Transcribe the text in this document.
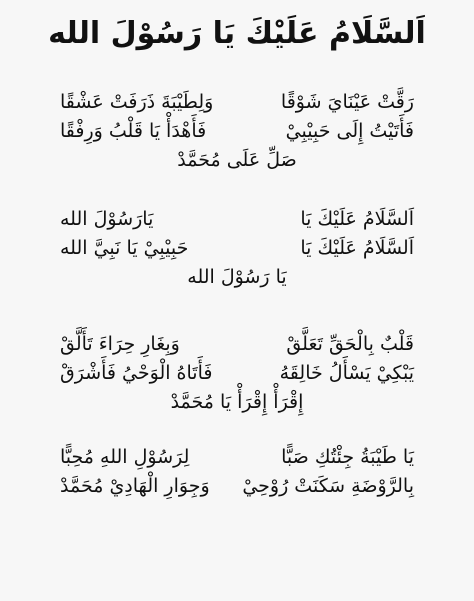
اَلسَّلَامُ عَلَيْكَ يَا رَسُوْلَ الله
رَقَّتْ عَيْنَايَ شَوْقًا
وَلِطَيْبَةَ ذَرَفَتْ عَشْقًا
فَأَتَيْتُ إِلَى حَبِيْبِيْ
فَأَهْدَأْ يَا قَلْبُ وَرِفْقًا
صَلِّ عَلَى مُحَمَّدْ
اَلسَّلَامُ عَلَيْكَ يَا
يَارَسُوْلَ الله
اَلسَّلَامُ عَلَيْكَ يَا
حَبِيْبِيْ يَا نَبِيَّ الله
يَا رَسُوْلَ الله
قَلْبٌ بِالْحَقِّ تَعَلَّقْ
وَبِغَارِ حِرَاءَ تَأَلَّقْ
يَبْكِيْ يَسْأَلُ خَالِقَهُ
فَأَتَاهُ الْوَحْيُ فَأَشْرَقْ
إِقْرَأْ إِقْرَأْ يَا مُحَمَّدْ
يَا طَيْبَةُ جِئْتُكِ صَبًّا
لِرَسُوْلِ اللهِ مُحِبًّا
بِالرَّوْضَةِ سَكَنَتْ رُوْحِيْ
وَجِوَارِ الْهَادِيْ مُحَمَّدْ
